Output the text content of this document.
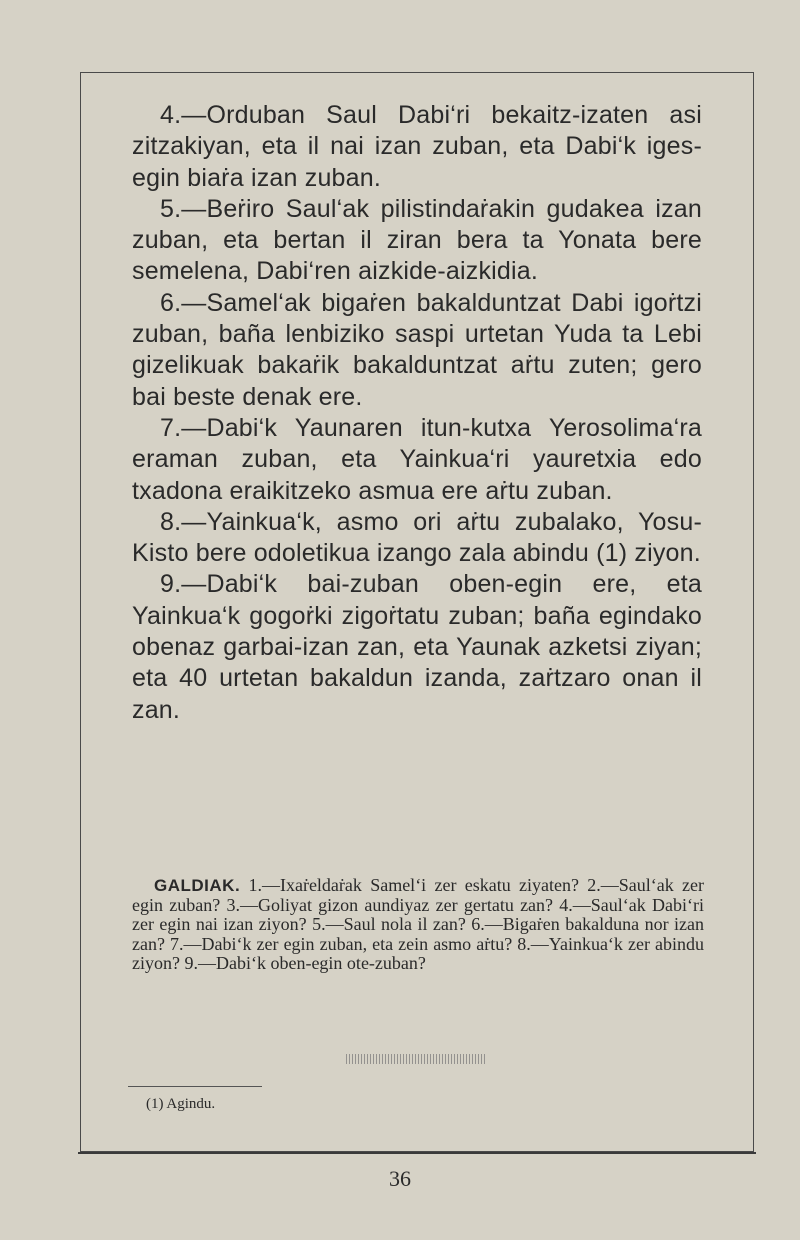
4.—Orduban Saul Dabi‘ri bekaitz-izaten asi zitzakiyan, eta il nai izan zuban, eta Dabi‘k iges-egin biaṙa izan zuban.

5.—Beṙiro Saul‘ak pilistindaṙakin gudakea izan zuban, eta bertan il ziran bera ta Yonata bere semelena, Dabi‘ren aizkide-aizkidia.

6.—Samel‘ak bigaṙen bakalduntzat Dabi igoṙtzi zuban, baña lenbiziko saspi urtetan Yuda ta Lebi gizelikuak bakaṙik bakalduntzat aṙtu zuten; gero bai beste denak ere.

7.—Dabi‘k Yaunaren itun-kutxa Yerosolima‘ra eraman zuban, eta Yainkua‘ri yauretxia edo txadona eraikitzeko asmua ere aṙtu zuban.

8.—Yainkua‘k, asmo ori aṙtu zubalako, Yosu-Kisto bere odoletikua izango zala abindu (1) ziyon.

9.—Dabi‘k bai-zuban oben-egin ere, eta Yainkua‘k gogoṙki zigoṙtatu zuban; baña egindako obenaz garbai-izan zan, eta Yaunak azketsi ziyan; eta 40 urtetan bakaldun izanda, zaṙtzaro onan il zan.

GALDIAK. 1.—Ixaṙeldaṙak Samel‘i zer eskatu ziyaten? 2.—Saul‘ak zer egin zuban? 3.—Goliyat gizon aundiyaz zer gertatu zan? 4.—Saul‘ak Dabi‘ri zer egin nai izan ziyon? 5.—Saul nola il zan? 6.—Bigaṙen bakalduna nor izan zan? 7.—Dabi‘k zer egin zuban, eta zein asmo aṙtu? 8.—Yainkua‘k zer abindu ziyon? 9.—Dabi‘k oben-egin ote-zuban?

(1) Agindu.
36
